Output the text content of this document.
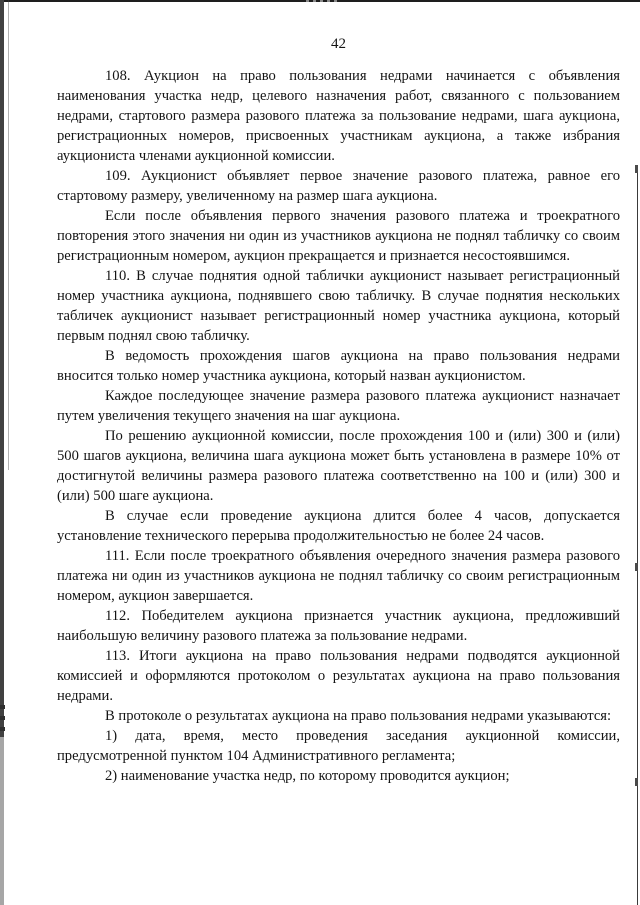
42

108. Аукцион на право пользования недрами начинается с объявления наименования участка недр, целевого назначения работ, связанного с пользованием недрами, стартового размера разового платежа за пользование недрами, шага аукциона, регистрационных номеров, присвоенных участникам аукциона, а также избрания аукциониста членами аукционной комиссии.

109. Аукционист объявляет первое значение разового платежа, равное его стартовому размеру, увеличенному на размер шага аукциона.

Если после объявления первого значения разового платежа и троекратного повторения этого значения ни один из участников аукциона не поднял табличку со своим регистрационным номером, аукцион прекращается и признается несостоявшимся.

110. В случае поднятия одной таблички аукционист называет регистрационный номер участника аукциона, поднявшего свою табличку. В случае поднятия нескольких табличек аукционист называет регистрационный номер участника аукциона, который первым поднял свою табличку.

В ведомость прохождения шагов аукциона на право пользования недрами вносится только номер участника аукциона, который назван аукционистом.

Каждое последующее значение размера разового платежа аукционист назначает путем увеличения текущего значения на шаг аукциона.

По решению аукционной комиссии, после прохождения 100 и (или) 300 и (или) 500 шагов аукциона, величина шага аукциона может быть установлена в размере 10% от достигнутой величины размера разового платежа соответственно на 100 и (или) 300 и (или) 500 шаге аукциона.

В случае если проведение аукциона длится более 4 часов, допускается установление технического перерыва продолжительностью не более 24 часов.

111. Если после троекратного объявления очередного значения размера разового платежа ни один из участников аукциона не поднял табличку со своим регистрационным номером, аукцион завершается.

112. Победителем аукциона признается участник аукциона, предложивший наибольшую величину разового платежа за пользование недрами.

113. Итоги аукциона на право пользования недрами подводятся аукционной комиссией и оформляются протоколом о результатах аукциона на право пользования недрами.

В протоколе о результатах аукциона на право пользования недрами указываются:

1) дата, время, место проведения заседания аукционной комиссии, предусмотренной пунктом 104 Административного регламента;

2) наименование участка недр, по которому проводится аукцион;
